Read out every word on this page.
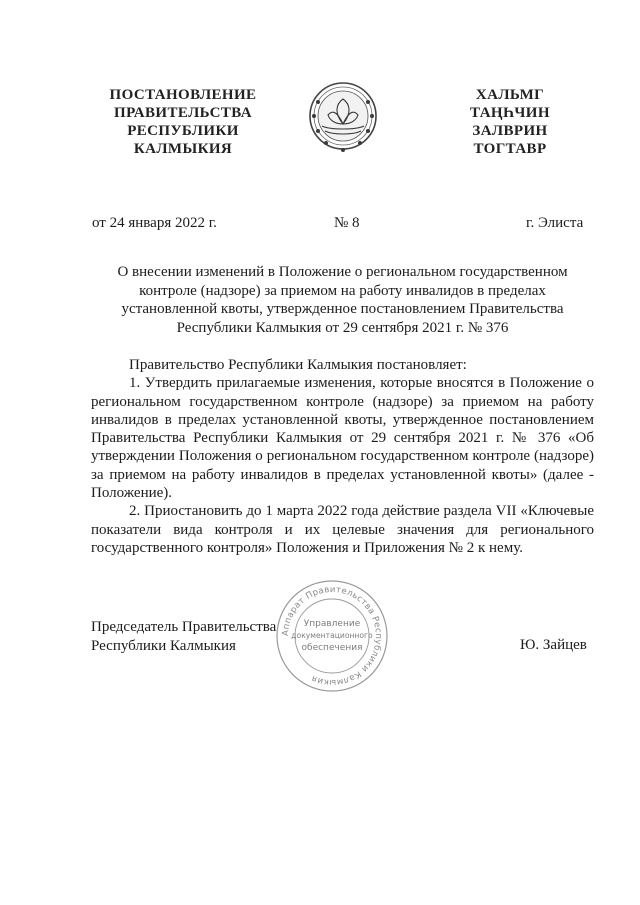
ПОСТАНОВЛЕНИЕ
ПРАВИТЕЛЬСТВА
РЕСПУБЛИКИ
КАЛМЫКИЯ
ХАЛЬМГ
ТАҢҺЧИН
ЗАЛВРИН
ТОГТАВР
от 24 января 2022 г.	№ 8	г. Элиста
О внесении изменений в Положение о региональном государственном
контроле (надзоре) за приемом на работу инвалидов в пределах
установленной квоты, утвержденное постановлением Правительства
Республики Калмыкия от 29 сентября 2021 г. № 376

Правительство Республики Калмыкия постановляет:

1. Утвердить прилагаемые изменения, которые вносятся в Положение о региональном государственном контроле (надзоре) за приемом на работу инвалидов в пределах установленной квоты, утвержденное постановлением Правительства Республики Калмыкия от 29 сентября 2021 г. № 376 «Об утверждении Положения о региональном государственном контроле (надзоре) за приемом на работу инвалидов в пределах установленной квоты» (далее - Положение).

2. Приостановить до 1 марта 2022 года действие раздела VII «Ключевые показатели вида контроля и их целевые значения для регионального государственного контроля» Положения и Приложения № 2 к нему.

Председатель Правительства
Республики Калмыкия
Аппарат Правительства Республики Калмыкия
Управление
документационного
обеспечения	Ю. Зайцев
